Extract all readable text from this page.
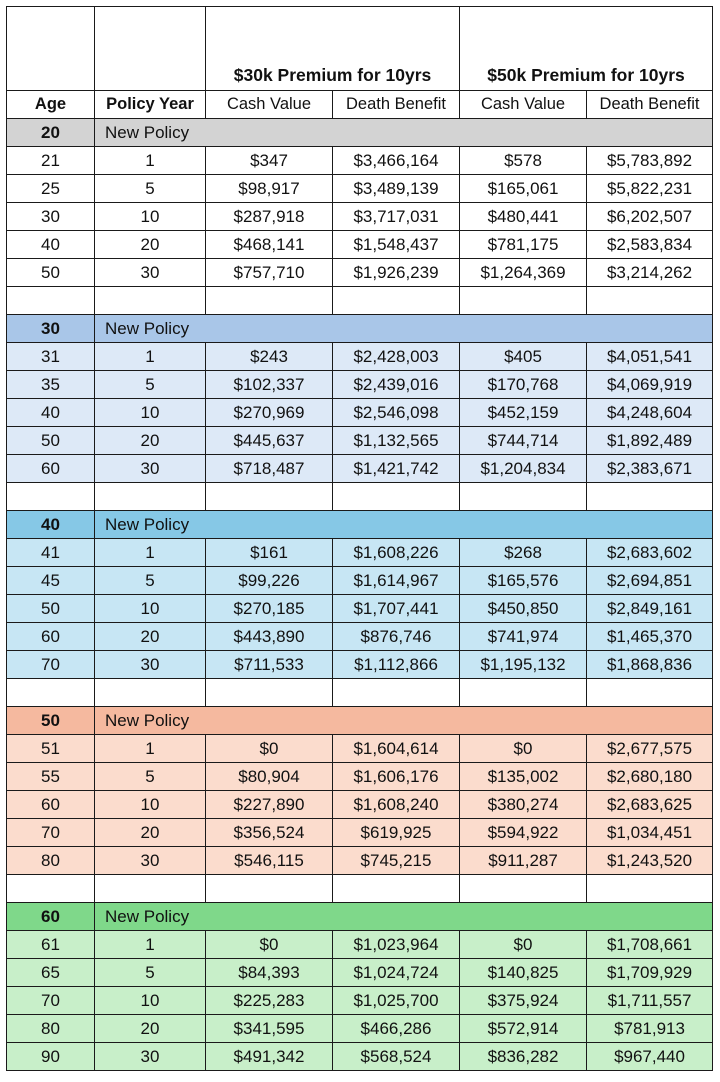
		$30k Premium for 10yrs		$50k Premium for 10yrs	
Age	Policy Year	Cash Value	Death Benefit	Cash Value	Death Benefit
20	New Policy				
21	1	$347	$3,466,164	$578	$5,783,892
25	5	$98,917	$3,489,139	$165,061	$5,822,231
30	10	$287,918	$3,717,031	$480,441	$6,202,507
40	20	$468,141	$1,548,437	$781,175	$2,583,834
50	30	$757,710	$1,926,239	$1,264,369	$3,214,262

30	New Policy				
31	1	$243	$2,428,003	$405	$4,051,541
35	5	$102,337	$2,439,016	$170,768	$4,069,919
40	10	$270,969	$2,546,098	$452,159	$4,248,604
50	20	$445,637	$1,132,565	$744,714	$1,892,489
60	30	$718,487	$1,421,742	$1,204,834	$2,383,671

40	New Policy				
41	1	$161	$1,608,226	$268	$2,683,602
45	5	$99,226	$1,614,967	$165,576	$2,694,851
50	10	$270,185	$1,707,441	$450,850	$2,849,161
60	20	$443,890	$876,746	$741,974	$1,465,370
70	30	$711,533	$1,112,866	$1,195,132	$1,868,836

50	New Policy				
51	1	$0	$1,604,614	$0	$2,677,575
55	5	$80,904	$1,606,176	$135,002	$2,680,180
60	10	$227,890	$1,608,240	$380,274	$2,683,625
70	20	$356,524	$619,925	$594,922	$1,034,451
80	30	$546,115	$745,215	$911,287	$1,243,520

60	New Policy				
61	1	$0	$1,023,964	$0	$1,708,661
65	5	$84,393	$1,024,724	$140,825	$1,709,929
70	10	$225,283	$1,025,700	$375,924	$1,711,557
80	20	$341,595	$466,286	$572,914	$781,913
90	30	$491,342	$568,524	$836,282	$967,440
